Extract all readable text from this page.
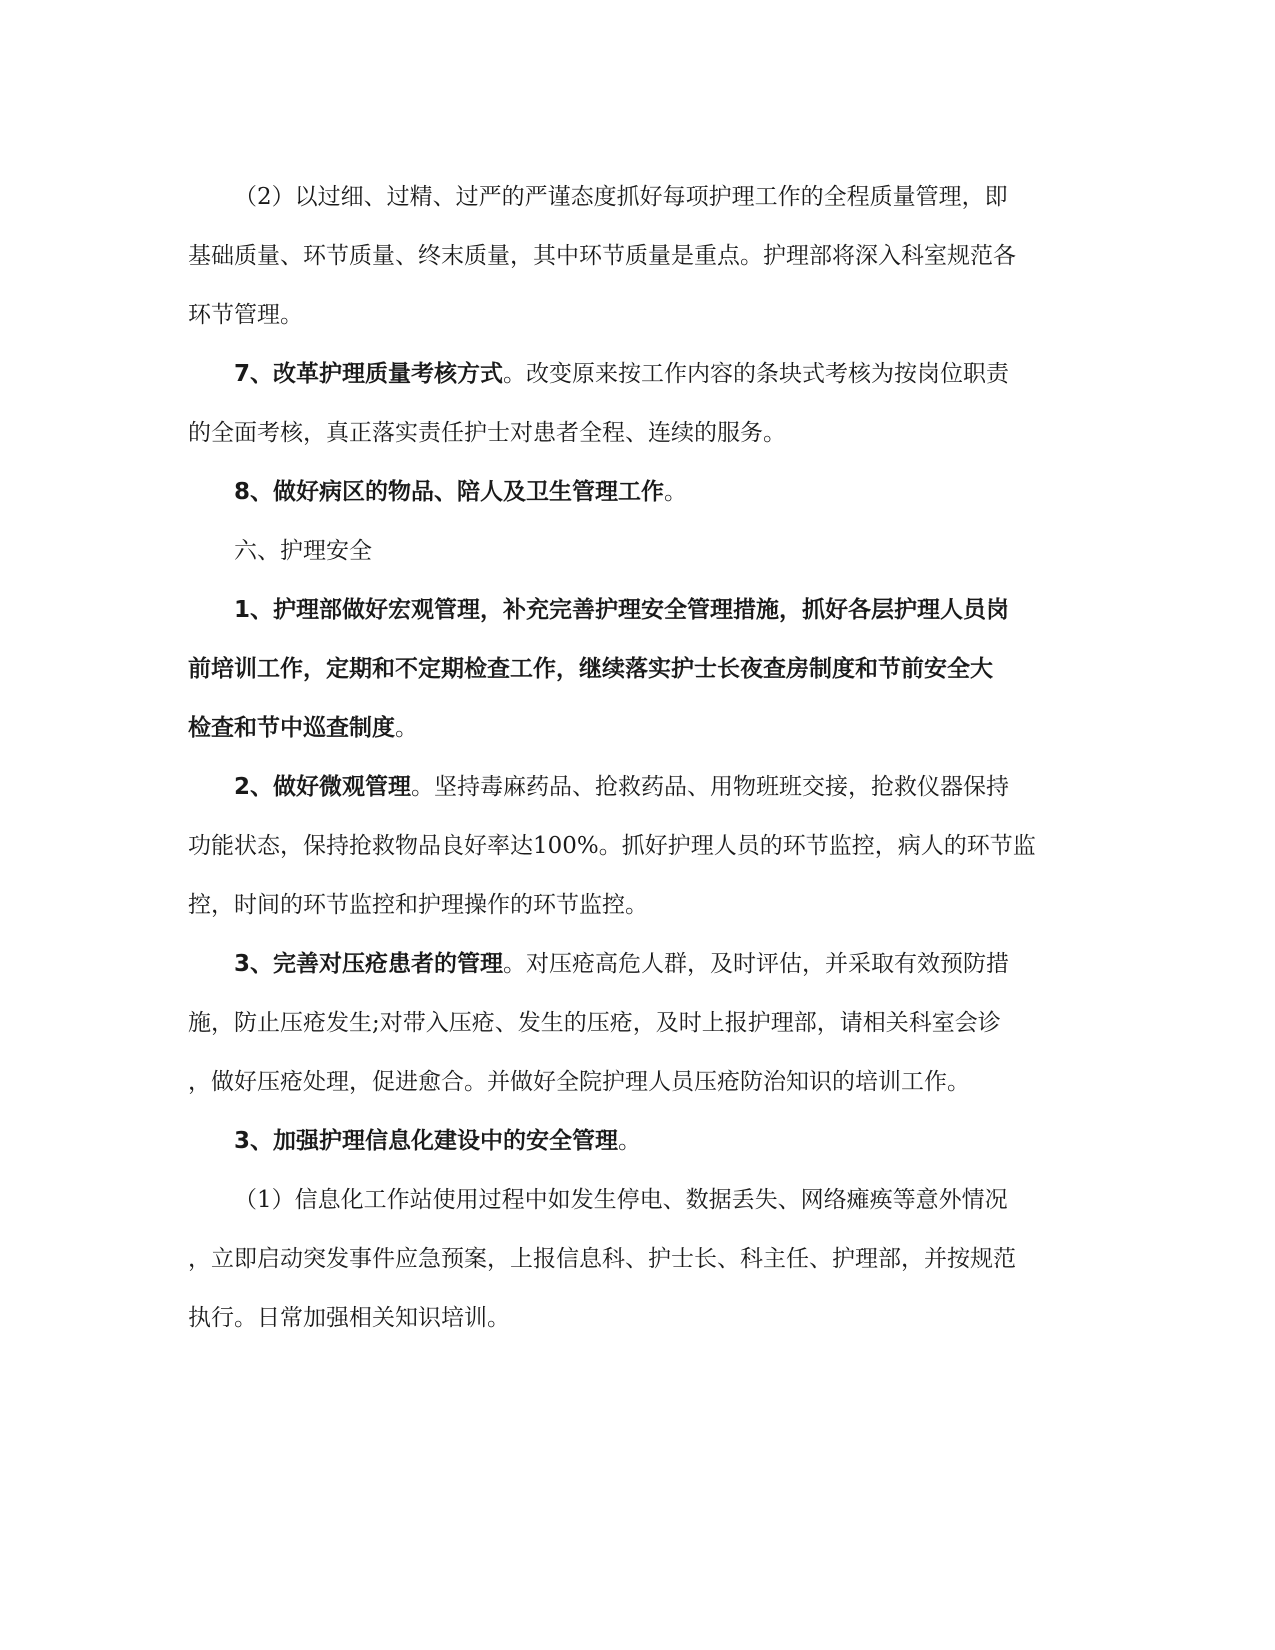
（2）以过细、过精、过严的严谨态度抓好每项护理工作的全程质量管理，即
基础质量、环节质量、终末质量，其中环节质量是重点。护理部将深入科室规范各
环节管理。

7、改革护理质量考核方式。改变原来按工作内容的条块式考核为按岗位职责
的全面考核，真正落实责任护士对患者全程、连续的服务。

8、做好病区的物品、陪人及卫生管理工作。

六、护理安全

1、护理部做好宏观管理，补充完善护理安全管理措施，抓好各层护理人员岗
前培训工作，定期和不定期检查工作，继续落实护士长夜查房制度和节前安全大
检查和节中巡查制度。

2、做好微观管理。坚持毒麻药品、抢救药品、用物班班交接，抢救仪器保持
功能状态，保持抢救物品良好率达100%。抓好护理人员的环节监控，病人的环节监
控，时间的环节监控和护理操作的环节监控。

3、完善对压疮患者的管理。对压疮高危人群，及时评估，并采取有效预防措
施，防止压疮发生;对带入压疮、发生的压疮，及时上报护理部，请相关科室会诊
，做好压疮处理，促进愈合。并做好全院护理人员压疮防治知识的培训工作。

3、加强护理信息化建设中的安全管理。

（1）信息化工作站使用过程中如发生停电、数据丢失、网络瘫痪等意外情况
，立即启动突发事件应急预案，上报信息科、护士长、科主任、护理部，并按规范
执行。日常加强相关知识培训。
